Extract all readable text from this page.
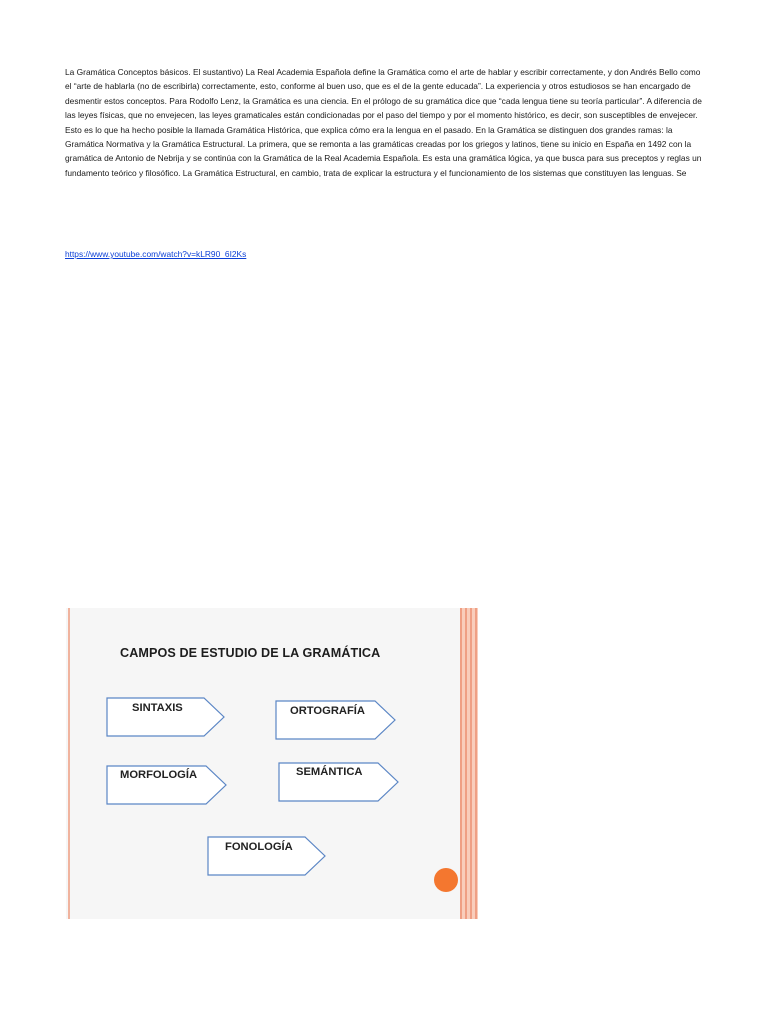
La Gramática Conceptos básicos. El sustantivo) La Real Academia Española define la Gramática como el arte de hablar y escribir correctamente, y don Andrés Bello como el “arte de hablarla (no de escribirla) correctamente, esto, conforme al buen uso, que es el de la gente educada”. La experiencia y otros estudiosos se han encargado de desmentir estos conceptos. Para Rodolfo Lenz, la Gramática es una ciencia. En el prólogo de su gramática dice que “cada lengua tiene su teoría particular”. A diferencia de las leyes físicas, que no envejecen, las leyes gramaticales están condicionadas por el paso del tiempo y por el momento histórico, es decir, son susceptibles de envejecer. Esto es lo que ha hecho posible la llamada Gramática Histórica, que explica cómo era la lengua en el pasado. En la Gramática se distinguen dos grandes ramas: la Gramática Normativa y la Gramática Estructural. La primera, que se remonta a las gramáticas creadas por los griegos y latinos, tiene su inicio en España en 1492 con la gramática de Antonio de Nebrija y se continúa con la Gramática de la Real Academia Española. Es esta una gramática lógica, ya que busca para sus preceptos y reglas un fundamento teórico y filosófico. La Gramática Estructural, en cambio, trata de explicar la estructura y el funcionamiento de los sistemas que constituyen las lenguas. Se

https://www.youtube.com/watch?v=kLR90_6I2Ks
CAMPOS DE ESTUDIO DE LA GRAMÁTICA
SINTAXIS	ORTOGRAFÍA
MORFOLOGÍA	SEMÁNTICA
FONOLOGÍA
